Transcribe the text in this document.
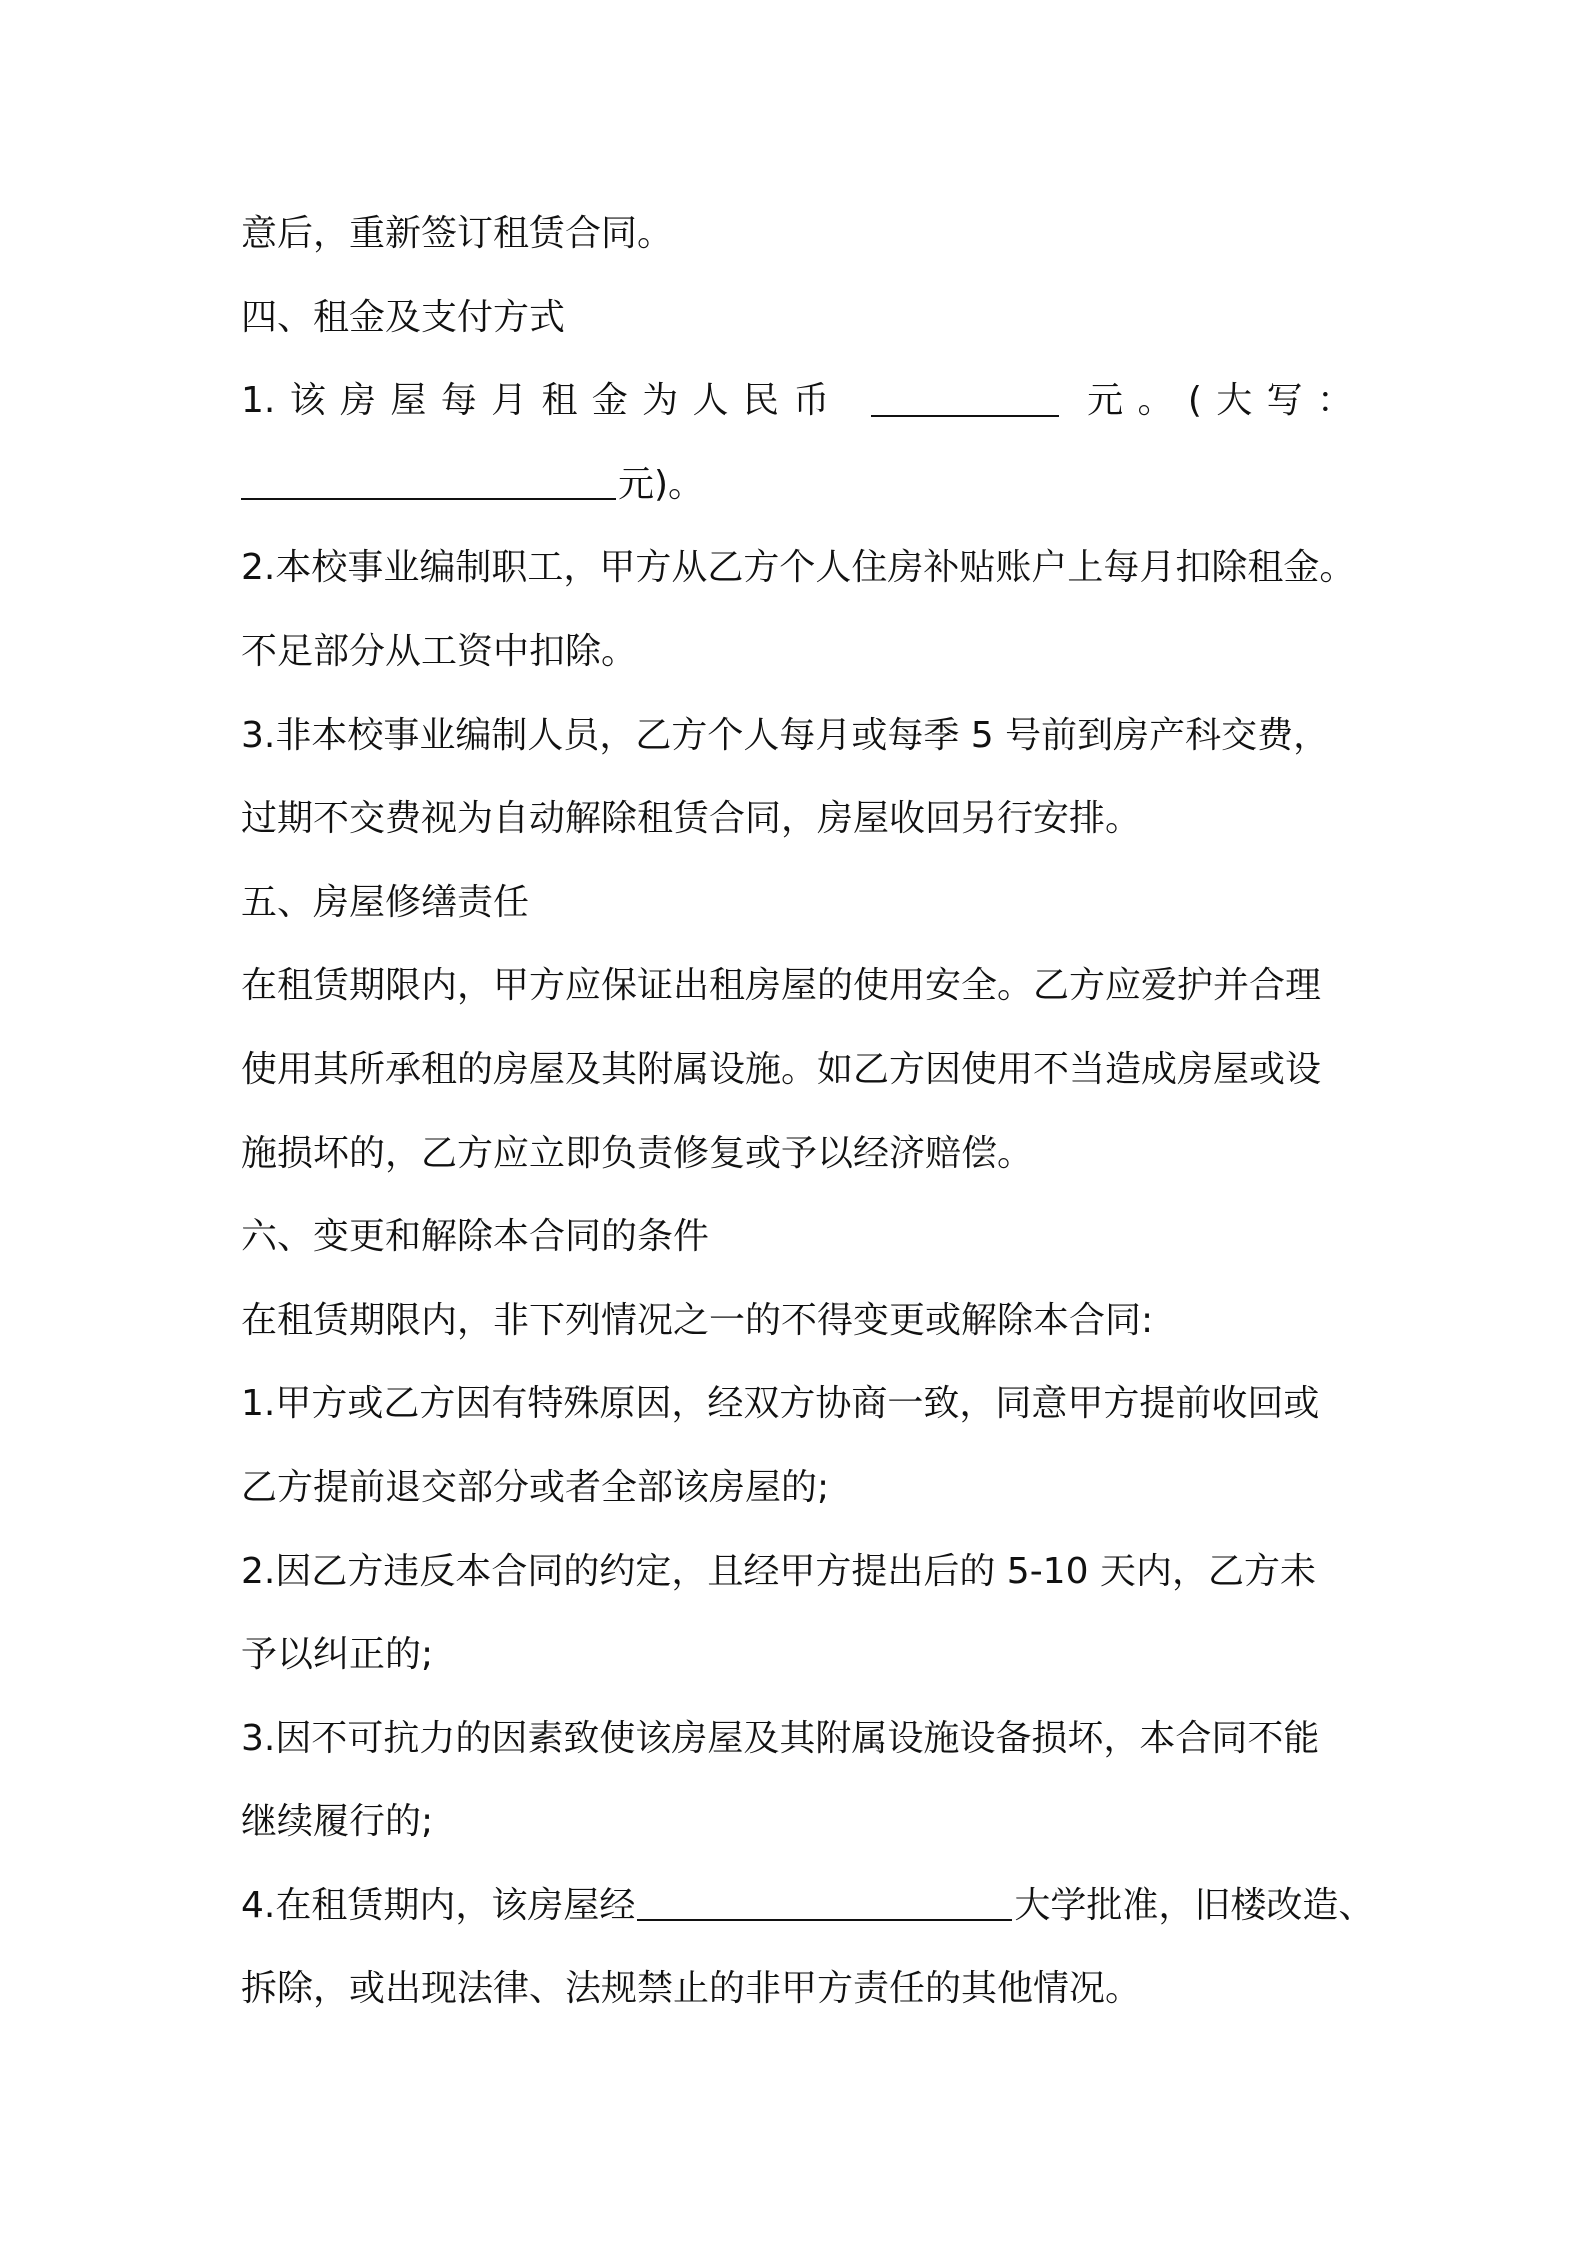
意后，重新签订租赁合同。
四、租金及支付方式
1.该房屋每月租金为人民币	元。(大写：
元)。
2.本校事业编制职工，甲方从乙方个人住房补贴账户上每月扣除租金。
不足部分从工资中扣除。
3.非本校事业编制人员，乙方个人每月或每季 5 号前到房产科交费，
过期不交费视为自动解除租赁合同，房屋收回另行安排。
五、房屋修缮责任
在租赁期限内，甲方应保证出租房屋的使用安全。乙方应爱护并合理
使用其所承租的房屋及其附属设施。如乙方因使用不当造成房屋或设
施损坏的，乙方应立即负责修复或予以经济赔偿。
六、变更和解除本合同的条件
在租赁期限内，非下列情况之一的不得变更或解除本合同:
1.甲方或乙方因有特殊原因，经双方协商一致，同意甲方提前收回或
乙方提前退交部分或者全部该房屋的;
2.因乙方违反本合同的约定，且经甲方提出后的 5-10 天内，乙方未
予以纠正的;
3.因不可抗力的因素致使该房屋及其附属设施设备损坏，本合同不能
继续履行的;
4.在租赁期内，该房屋经	大学批准，旧楼改造、
拆除，或出现法律、法规禁止的非甲方责任的其他情况。
